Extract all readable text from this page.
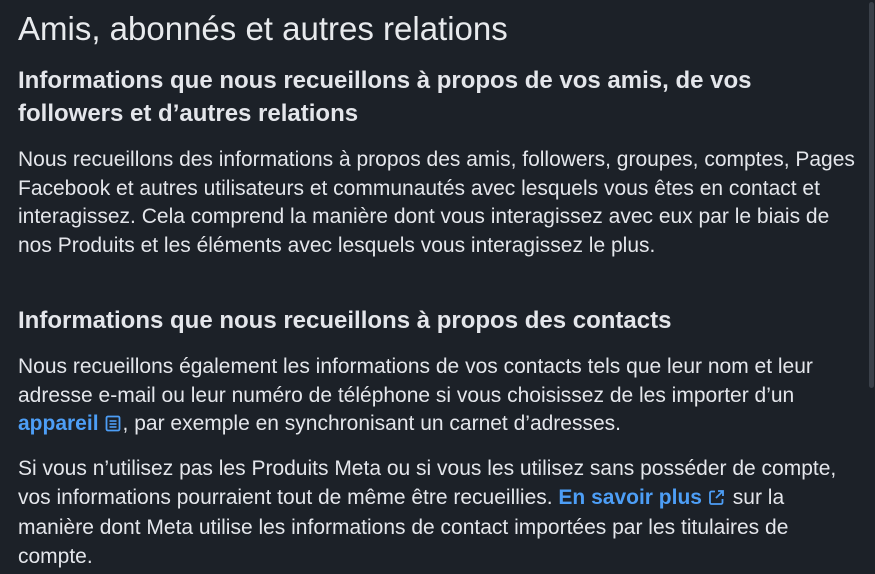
Amis, abonnés et autres relations
Informations que nous recueillons à propos de vos amis, de vos followers et d’autres relations

Nous recueillons des informations à propos des amis, followers, groupes, comptes, Pages Facebook et autres utilisateurs et communautés avec lesquels vous êtes en contact et interagissez. Cela comprend la manière dont vous interagissez avec eux par le biais de nos Produits et les éléments avec lesquels vous interagissez le plus.

Informations que nous recueillons à propos des contacts

Nous recueillons également les informations de vos contacts tels que leur nom et leur adresse e-mail ou leur numéro de téléphone si vous choisissez de les importer d’un appareil , par exemple en synchronisant un carnet d’adresses.

Si vous n’utilisez pas les Produits Meta ou si vous les utilisez sans posséder de compte, vos informations pourraient tout de même être recueillies. En savoir plus sur la manière dont Meta utilise les informations de contact importées par les titulaires de compte.
